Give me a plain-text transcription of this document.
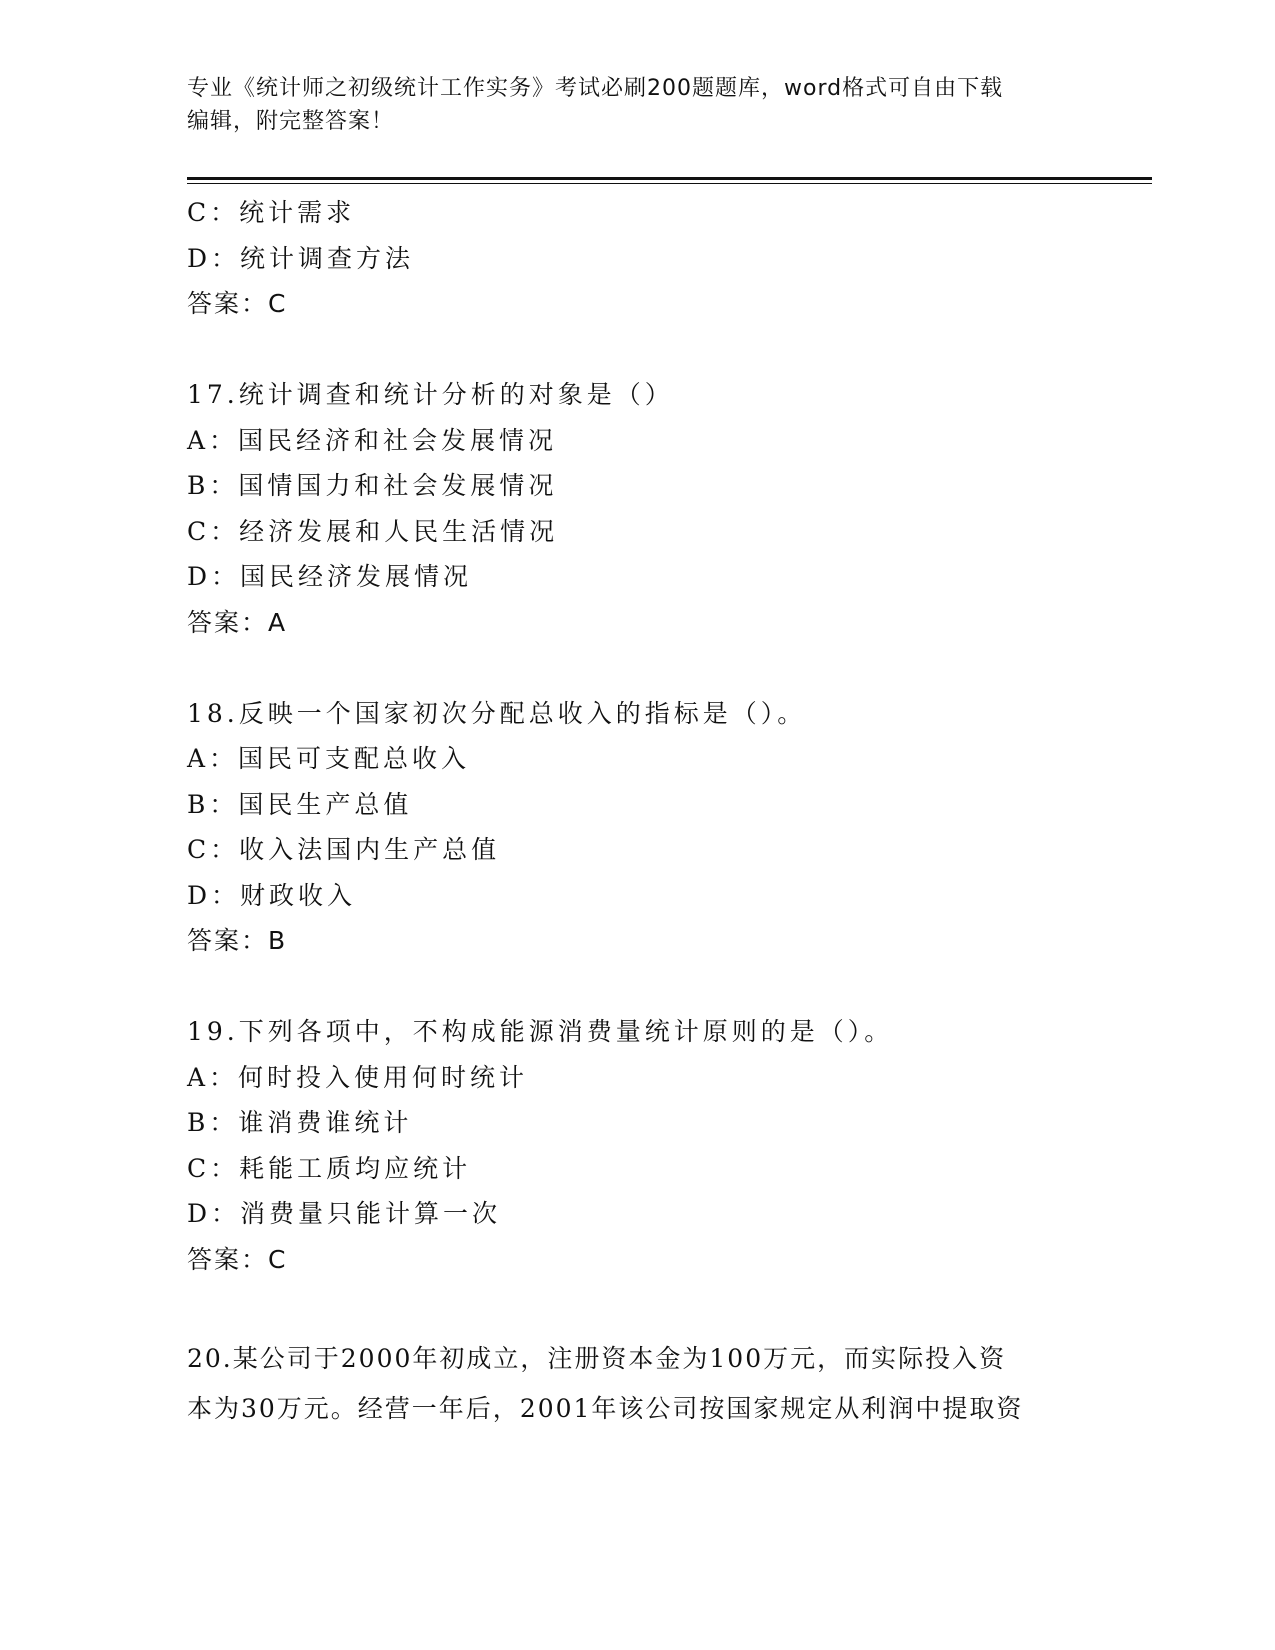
专业《统计师之初级统计工作实务》考试必刷200题题库，word格式可自由下载
编辑，附完整答案！
C：统计需求
D：统计调查方法
答案：C
17.统计调查和统计分析的对象是（）
A：国民经济和社会发展情况
B：国情国力和社会发展情况
C：经济发展和人民生活情况
D：国民经济发展情况
答案：A
18.反映一个国家初次分配总收入的指标是（）。
A：国民可支配总收入
B：国民生产总值
C：收入法国内生产总值
D：财政收入
答案：B
19.下列各项中，不构成能源消费量统计原则的是（）。
A：何时投入使用何时统计
B：谁消费谁统计
C：耗能工质均应统计
D：消费量只能计算一次
答案：C
20.某公司于2000年初成立，注册资本金为100万元，而实际投入资
本为30万元。经营一年后，2001年该公司按国家规定从利润中提取资
